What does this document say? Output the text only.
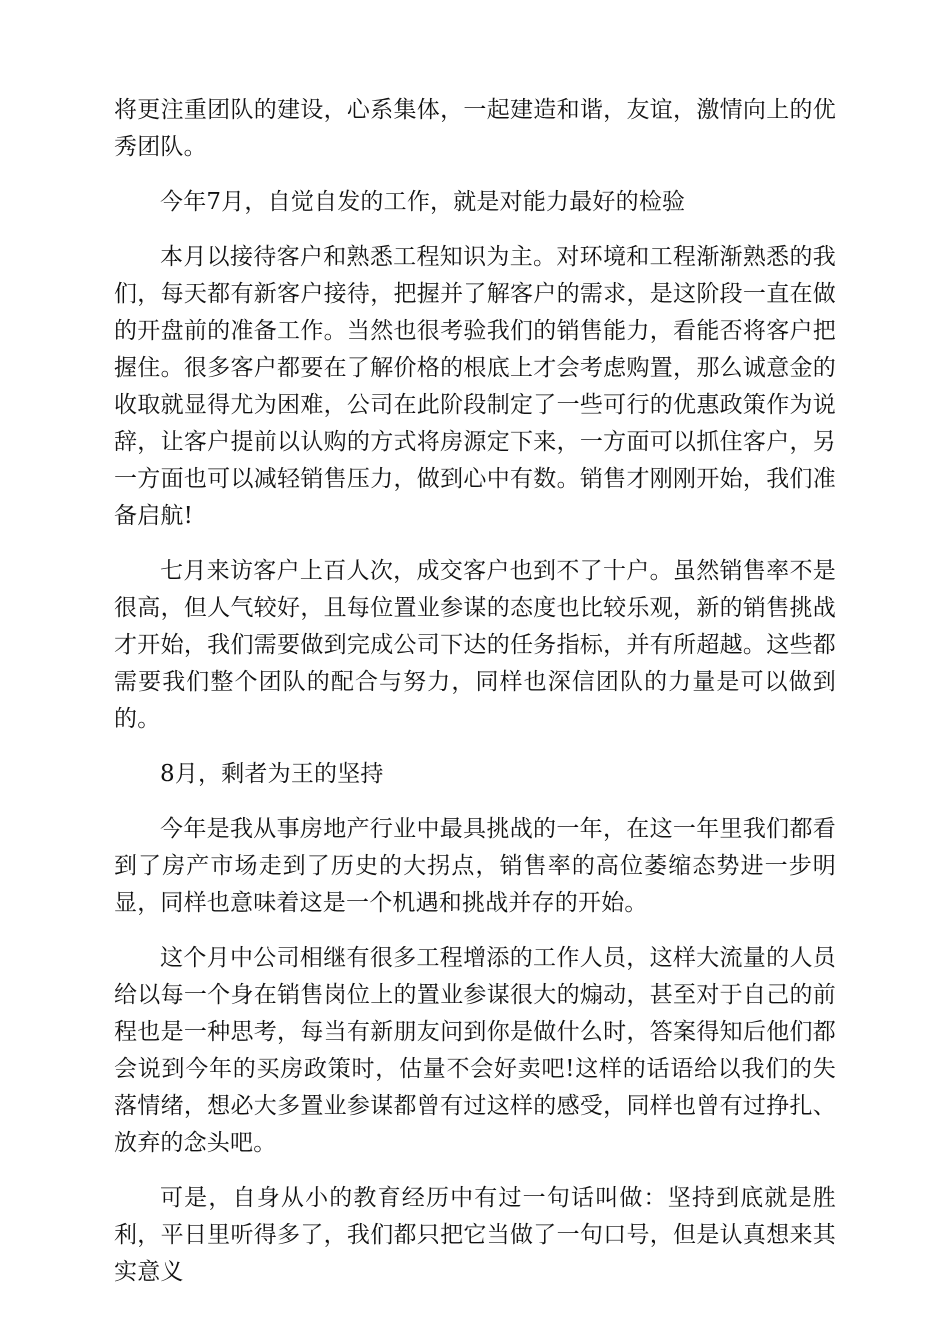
将更注重团队的建设，心系集体，一起建造和谐，友谊，激情向上的优秀团队。

今年7月，自觉自发的工作，就是对能力最好的检验

本月以接待客户和熟悉工程知识为主。对环境和工程渐渐熟悉的我们，每天都有新客户接待，把握并了解客户的需求，是这阶段一直在做的开盘前的准备工作。当然也很考验我们的销售能力，看能否将客户把握住。很多客户都要在了解价格的根底上才会考虑购置，那么诚意金的收取就显得尤为困难，公司在此阶段制定了一些可行的优惠政策作为说辞，让客户提前以认购的方式将房源定下来，一方面可以抓住客户，另一方面也可以减轻销售压力，做到心中有数。销售才刚刚开始，我们准备启航!

七月来访客户上百人次，成交客户也到不了十户。虽然销售率不是很高，但人气较好，且每位置业参谋的态度也比较乐观，新的销售挑战才开始，我们需要做到完成公司下达的任务指标，并有所超越。这些都需要我们整个团队的配合与努力，同样也深信团队的力量是可以做到的。

8月，剩者为王的坚持

今年是我从事房地产行业中最具挑战的一年，在这一年里我们都看到了房产市场走到了历史的大拐点，销售率的高位萎缩态势进一步明显，同样也意味着这是一个机遇和挑战并存的开始。

这个月中公司相继有很多工程增添的工作人员，这样大流量的人员给以每一个身在销售岗位上的置业参谋很大的煽动，甚至对于自己的前程也是一种思考，每当有新朋友问到你是做什么时，答案得知后他们都会说到今年的买房政策时，估量不会好卖吧!这样的话语给以我们的失落情绪，想必大多置业参谋都曾有过这样的感受，同样也曾有过挣扎、放弃的念头吧。

可是，自身从小的教育经历中有过一句话叫做：坚持到底就是胜利，平日里听得多了，我们都只把它当做了一句口号，但是认真想来其实意义
